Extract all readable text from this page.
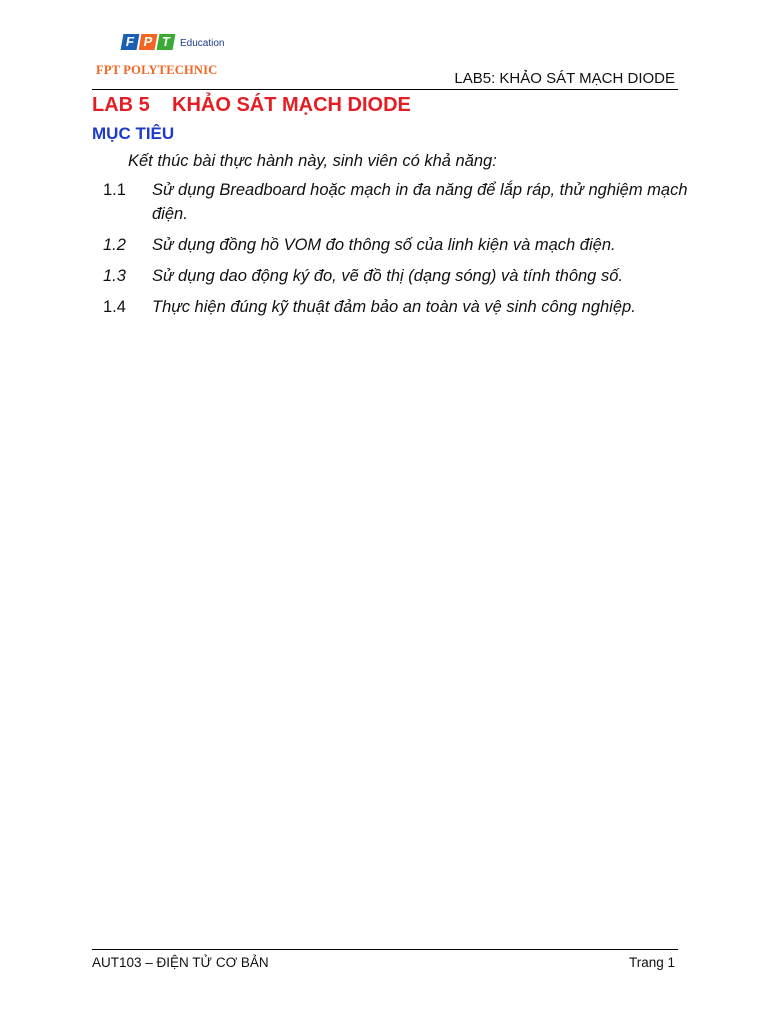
F P T Education
FPT POLYTECHNIC	LAB5: KHẢO SÁT MẠCH DIODE
LAB 5 KHẢO SÁT MẠCH DIODE
MỤC TIÊU
Kết thúc bài thực hành này, sinh viên có khả năng:
1.1	Sử dụng Breadboard hoặc mạch in đa năng để lắp ráp, thử nghiệm mạch điện.
1.2	Sử dụng đồng hồ VOM đo thông số của linh kiện và mạch điện.
1.3	Sử dụng dao động ký đo, vẽ đồ thị (dạng sóng) và tính thông số.
1.4	Thực hiện đúng kỹ thuật đảm bảo an toàn và vệ sinh công nghiệp.
AUT103 – ĐIỆN TỬ CƠ BẢN	Trang 1
